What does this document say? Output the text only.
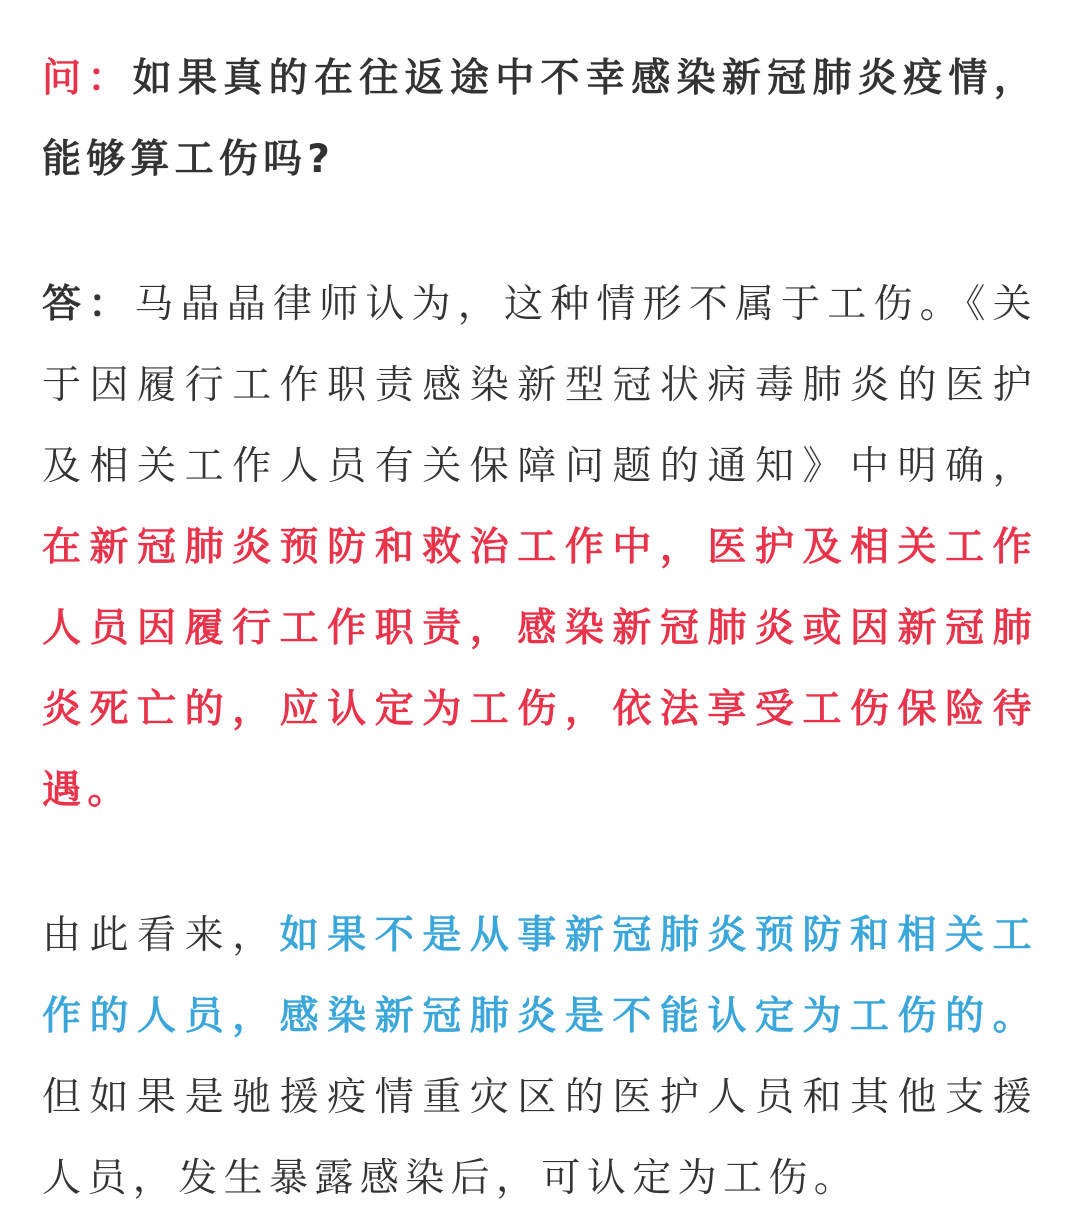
问：如果真的在往返途中不幸感染新冠肺炎疫情，能够算工伤吗?

答：马晶晶律师认为，这种情形不属于工伤。《关于因履行工作职责感染新型冠状病毒肺炎的医护及相关工作人员有关保障问题的通知》中明确，在新冠肺炎预防和救治工作中，医护及相关工作人员因履行工作职责，感染新冠肺炎或因新冠肺炎死亡的，应认定为工伤，依法享受工伤保险待遇。

由此看来，如果不是从事新冠肺炎预防和相关工作的人员，感染新冠肺炎是不能认定为工伤的。但如果是驰援疫情重灾区的医护人员和其他支援人员，发生暴露感染后，可认定为工伤。
